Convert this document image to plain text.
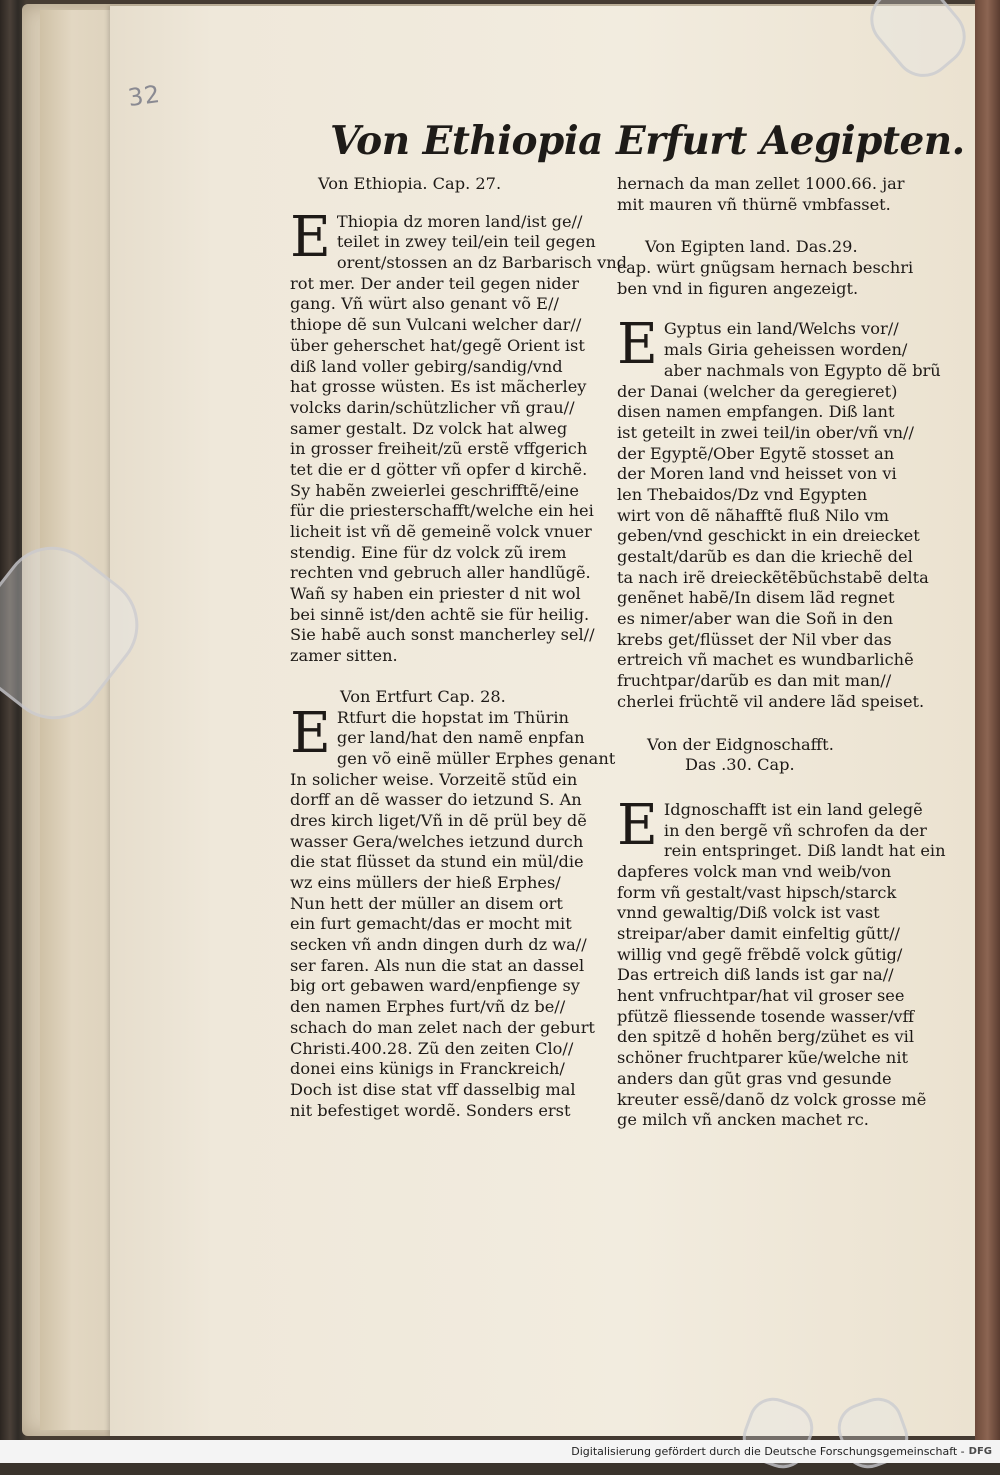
32
Von Ethiopia Erfurt Aegipten.
Von Ethiopia. Cap. 27.
E Thiopia dz moren land/ist ge//
teilet in zwey teil/ein teil gegen
orent/stossen an dz Barbarisch vnd
rot mer. Der ander teil gegen nider
gang. Vñ würt also genant võ E//
thiope dẽ sun Vulcani welcher dar//
über geherschet hat/gegẽ Orient ist
diß land voller gebirg/sandig/vnd
hat grosse wüsten. Es ist mãcherley
volcks darin/schützlicher vñ grau//
samer gestalt. Dz volck hat alweg
in grosser freiheit/zũ erstẽ vffgerich
tet die er d götter vñ opfer d kirchẽ.
Sy habẽn zweierlei geschrifftẽ/eine
für die priesterschafft/welche ein hei
licheit ist vñ dẽ gemeinẽ volck vnuer
stendig. Eine für dz volck zũ irem
rechten vnd gebruch aller handlũgẽ.
Wañ sy haben ein priester d nit wol
bei sinnẽ ist/den achtẽ sie für heilig.
Sie habẽ auch sonst mancherley sel//
zamer sitten.
Von Ertfurt Cap. 28.
E Rtfurt die hopstat im Thürin
ger land/hat den namẽ enpfan
gen võ einẽ müller Erphes genant
In solicher weise. Vorzeitẽ stũd ein
dorff an dẽ wasser do ietzund S. An
dres kirch liget/Vñ in dẽ prül bey dẽ
wasser Gera/welches ietzund durch
die stat flüsset da stund ein mül/die
wz eins müllers der hieß Erphes/
Nun hett der müller an disem ort
ein furt gemacht/das er mocht mit
secken vñ andn dingen durh dz wa//
ser faren. Als nun die stat an dassel
big ort gebawen ward/enpfienge sy
den namen Erphes furt/vñ dz be//
schach do man zelet nach der geburt
Christi.400.28. Zũ den zeiten Clo//
donei eins künigs in Franckreich/
Doch ist dise stat vff dasselbig mal
nit befestiget wordẽ. Sonders erst
hernach da man zellet 1000.66. jar
mit mauren vñ thürnẽ vmbfasset.
Von Egipten land. Das.29.
cap. würt gnũgsam hernach beschri
ben vnd in figuren angezeigt.
E Gyptus ein land/Welchs vor//
mals Giria geheissen worden/
aber nachmals von Egypto dẽ brũ
der Danai (welcher da geregieret)
disen namen empfangen. Diß lant
ist geteilt in zwei teil/in ober/vñ vn//
der Egyptẽ/Ober Egytẽ stosset an
der Moren land vnd heisset von vi
len Thebaidos/Dz vnd Egypten
wirt von dẽ nãhafftẽ fluß Nilo vm
geben/vnd geschickt in ein dreiecket
gestalt/darũb es dan die kriechẽ del
ta nach irẽ dreieckẽtẽbũchstabẽ delta
genẽnet habẽ/In disem lãd regnet
es nimer/aber wan die Soñ in den
krebs get/flüsset der Nil vber das
ertreich vñ machet es wundbarlichẽ
fruchtpar/darũb es dan mit man//
cherlei früchtẽ vil andere lãd speiset.
Von der Eidgnoschafft.
Das .30. Cap.
E Idgnoschafft ist ein land gelegẽ
in den bergẽ vñ schrofen da der
rein entspringet. Diß landt hat ein
dapferes volck man vnd weib/von
form vñ gestalt/vast hipsch/starck
vnnd gewaltig/Diß volck ist vast
streipar/aber damit einfeltig gũtt//
willig vnd gegẽ frẽbdẽ volck gũtig/
Das ertreich diß lands ist gar na//
hent vnfruchtpar/hat vil groser see
pfützẽ fliessende tosende wasser/vff
den spitzẽ d hohẽn berg/zühet es vil
schöner fruchtparer kũe/welche nit
anders dan gũt gras vnd gesunde
kreuter essẽ/danõ dz volck grosse mẽ
ge milch vñ ancken machet rc.
Digitalisierung gefördert durch die Deutsche Forschungsgemeinschaft - DFG
